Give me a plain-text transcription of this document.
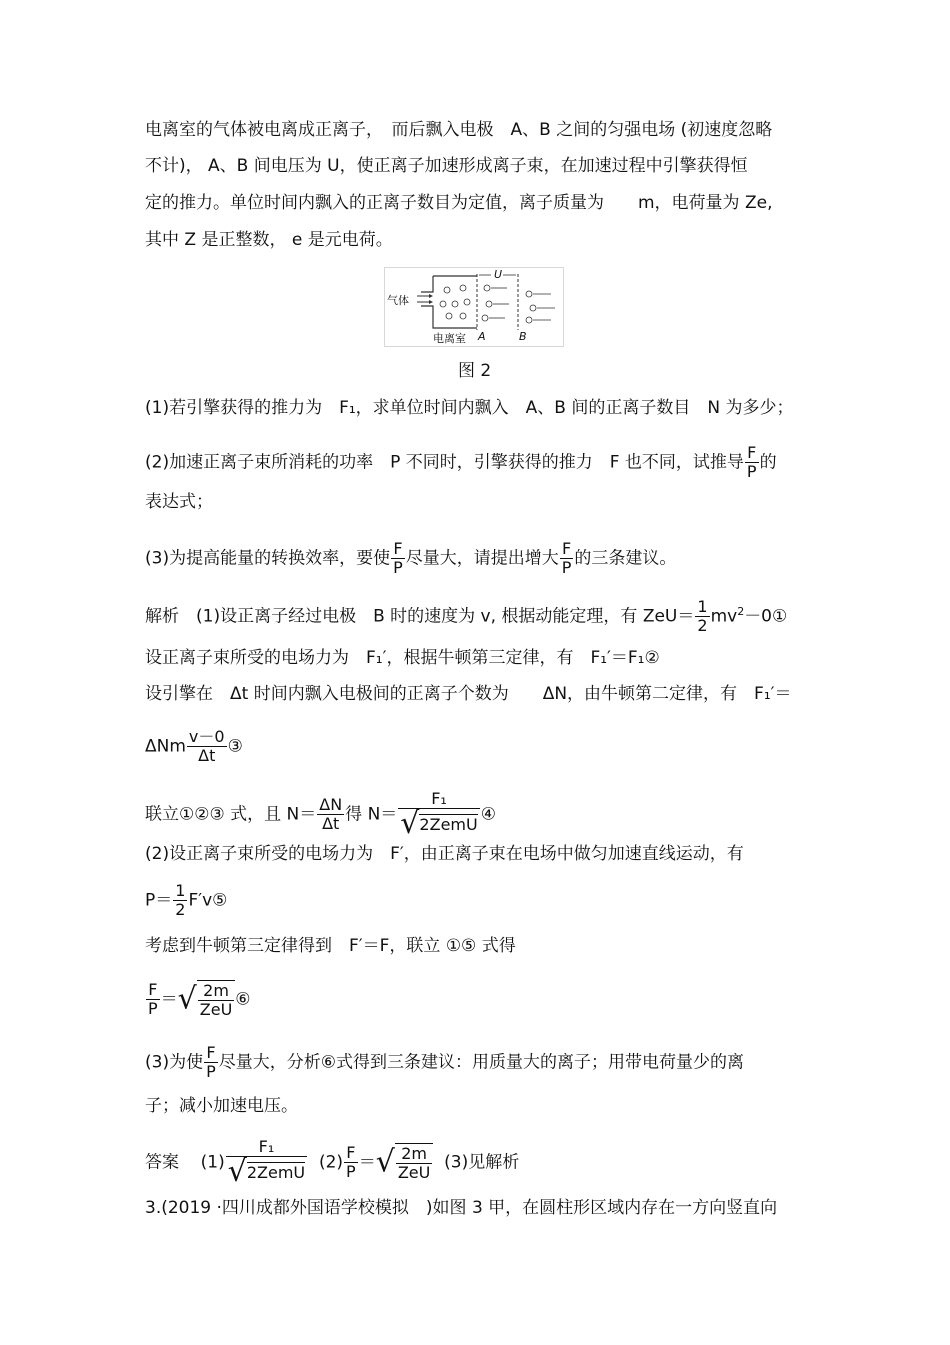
电离室的气体被电离成正离子，　而后飘入电极　A、B 之间的匀强电场 (初速度忽略
不计)， A、B 间电压为 U，使正离子加速形成离子束，在加速过程中引擎获得恒
定的推力。单位时间内飘入的正离子数目为定值，离子质量为　　m，电荷量为 Ze,
其中 Z 是正整数， e 是元电荷。
气体
电离室
U
A	B
图 2
(1)若引擎获得的推力为　F₁，求单位时间内飘入　A、B 间的正离子数目　N 为多少；
(2)加速正离子束所消耗的功率　P 不同时，引擎获得的推力　F 也不同，试推导 $\frac{F}{P}$ 的
表达式；
(3)为提高能量的转换效率，要使 $\frac{F}{P}$ 尽量大，请提出增大 $\frac{F}{P}$ 的三条建议。
解析　(1)设正离子经过电极　B 时的速度为 v, 根据动能定理，有 $ZeU= \frac{1}{2}$ $mv^2-0①$
设正离子束所受的电场力为　F₁′，根据牛顿第三定律，有　F₁′＝F₁②
设引擎在　Δt 时间内飘入电极间的正离子个数为　　ΔN，由牛顿第二定律，有　F₁′＝
ΔNm $\frac{v-0}{\Delta t}$ ③
联立①②③ 式，且 $N= \frac{\Delta N}{\Delta t}$ 得 $N= \frac{\text{F₁}}{\text{√2ZemU}}$ ④
(2)设正离子束所受的电场力为　F′，由正离子束在电场中做匀加速直线运动，有
$P= \frac{1}{2}$ F′v⑤
考虑到牛顿第三定律得到　F′＝F，联立 ①⑤ 式得
$\frac{F}{P}$ ＝√ $\frac{2m}{\text{ZeU}}$ ⑥
(3)为使 $\frac{F}{P}$ 尽量大，分析⑥式得到三条建议：用质量大的离子；用带电荷量少的离
子；减小加速电压。
答案 $(1) \frac{\text{F₁}}{\text{√2ZemU}} (2) \frac{F}{P}$ ＝√ $\frac{2m}{\text{ZeU}} (3)$见解析
3.(2019 ·四川成都外国语学校模拟　)如图 3 甲，在圆柱形区域内存在一方向竖直向
